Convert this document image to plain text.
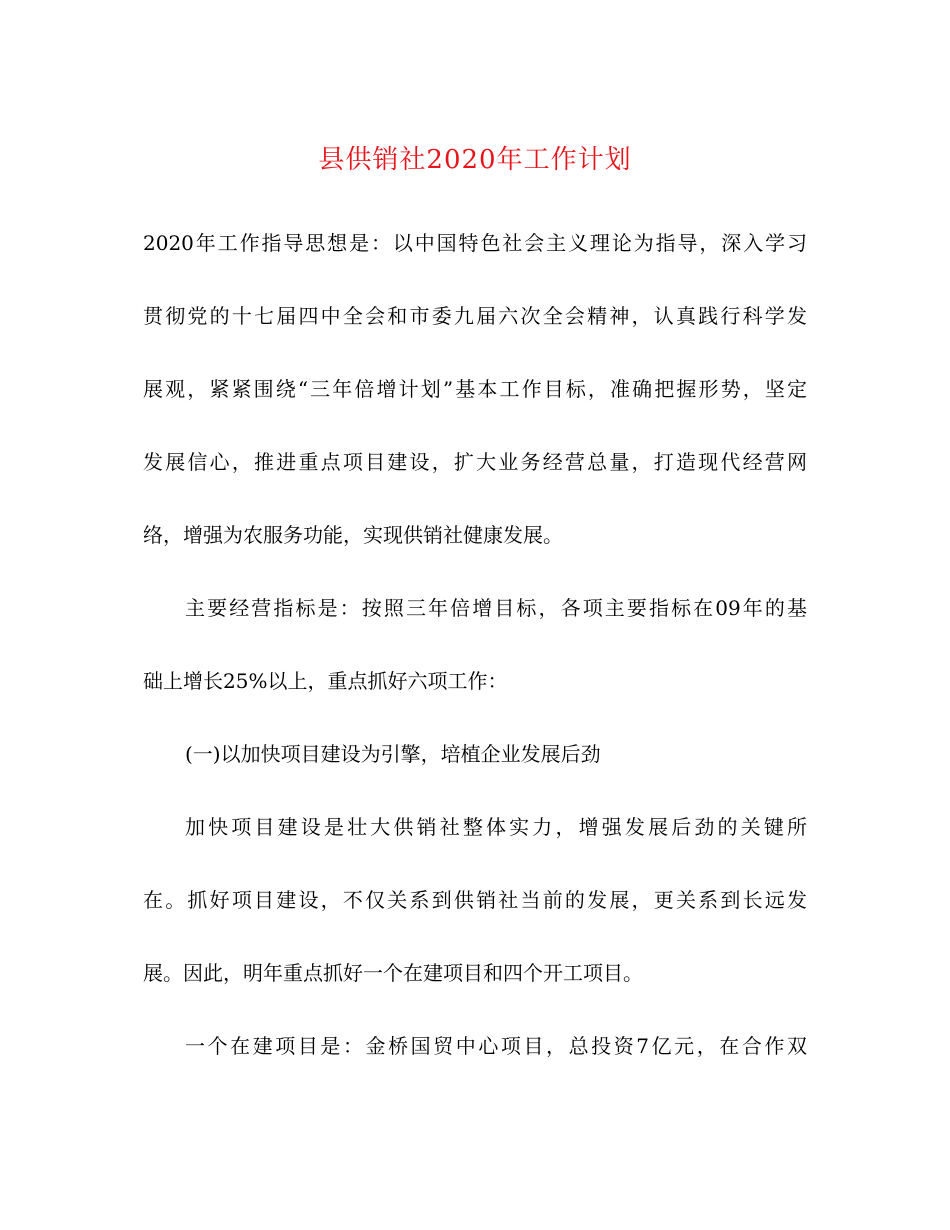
县供销社2020年工作计划
2020年工作指导思想是：以中国特色社会主义理论为指导，深入学习
贯彻党的十七届四中全会和市委九届六次全会精神，认真践行科学发
展观，紧紧围绕“三年倍增计划”基本工作目标，准确把握形势，坚定
发展信心，推进重点项目建设，扩大业务经营总量，打造现代经营网
络，增强为农服务功能，实现供销社健康发展。
主要经营指标是：按照三年倍增目标，各项主要指标在09年的基
础上增长25%以上，重点抓好六项工作：
(一)以加快项目建设为引擎，培植企业发展后劲
加快项目建设是壮大供销社整体实力，增强发展后劲的关键所
在。抓好项目建设，不仅关系到供销社当前的发展，更关系到长远发
展。因此，明年重点抓好一个在建项目和四个开工项目。
一个在建项目是：金桥国贸中心项目，总投资7亿元，在合作双
